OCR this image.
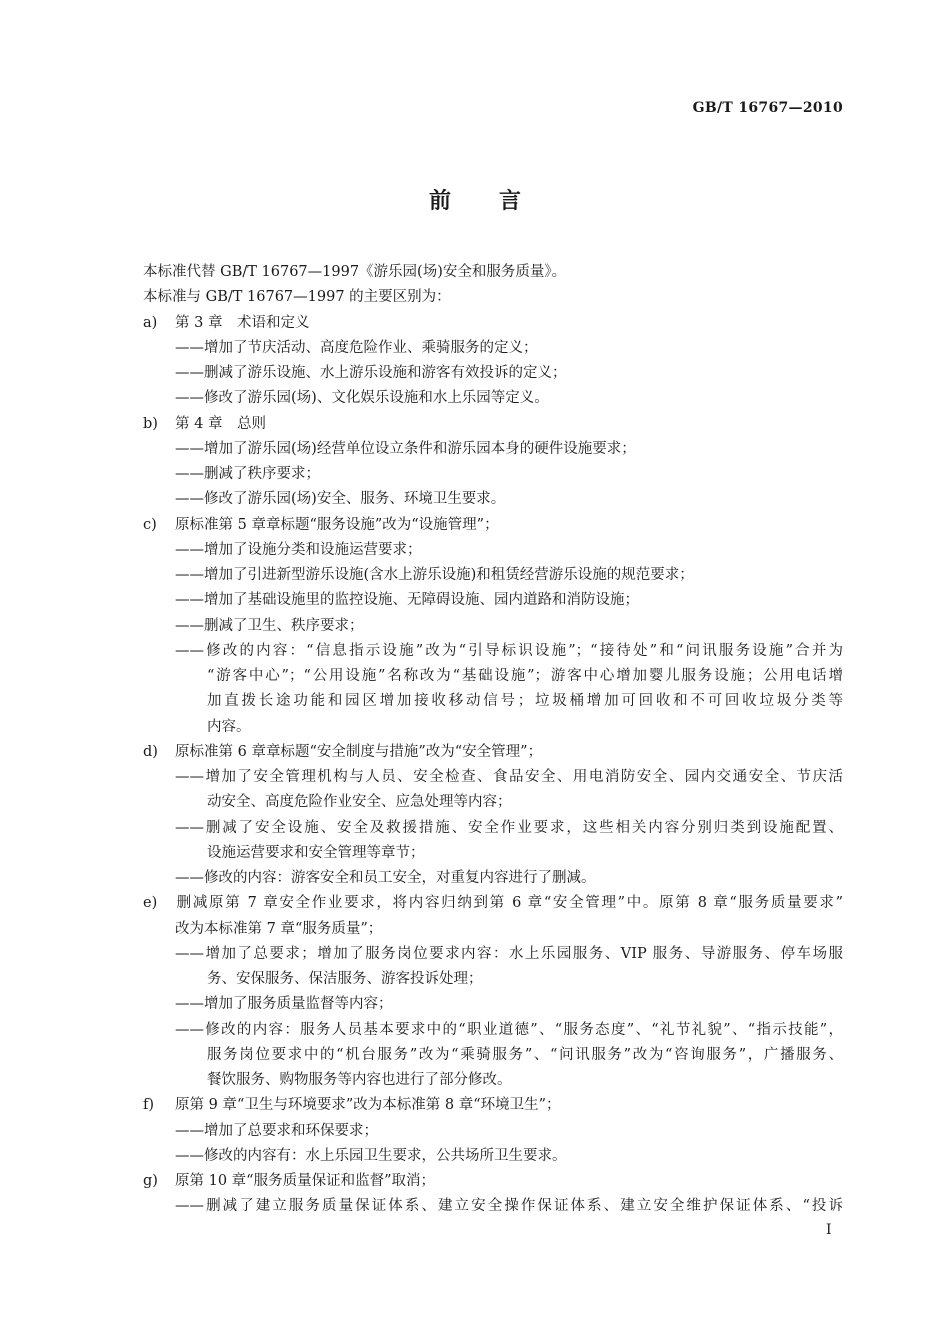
GB/T 16767—2010
前言
本标准代替 GB/T 16767—1997《游乐园(场)安全和服务质量》。
本标准与 GB/T 16767—1997 的主要区别为：
a) 第 3 章　术语和定义
——增加了节庆活动、高度危险作业、乘骑服务的定义；
——删减了游乐设施、水上游乐设施和游客有效投诉的定义；
——修改了游乐园(场)、文化娱乐设施和水上乐园等定义。
b) 第 4 章　总则
——增加了游乐园(场)经营单位设立条件和游乐园本身的硬件设施要求；
——删减了秩序要求；
——修改了游乐园(场)安全、服务、环境卫生要求。
c) 原标准第 5 章章标题“服务设施”改为“设施管理”；
——增加了设施分类和设施运营要求；
——增加了引进新型游乐设施(含水上游乐设施)和租赁经营游乐设施的规范要求；
——增加了基础设施里的监控设施、无障碍设施、园内道路和消防设施；
——删减了卫生、秩序要求；
——修改的内容：“信息指示设施”改为“引导标识设施”；“接待处”和“问讯服务设施”合并为
“游客中心”；“公用设施”名称改为“基础设施”；游客中心增加婴儿服务设施；公用电话增
加直拨长途功能和园区增加接收移动信号；垃圾桶增加可回收和不可回收垃圾分类等
内容。
d) 原标准第 6 章章标题“安全制度与措施”改为“安全管理”；
——增加了安全管理机构与人员、安全检查、食品安全、用电消防安全、园内交通安全、节庆活
动安全、高度危险作业安全、应急处理等内容；
——删减了安全设施、安全及救援措施、安全作业要求，这些相关内容分别归类到设施配置、
设施运营要求和安全管理等章节；
——修改的内容：游客安全和员工安全，对重复内容进行了删减。
e) 删减原第 7 章安全作业要求，将内容归纳到第 6 章“安全管理”中。原第 8 章“服务质量要求”
改为本标准第 7 章“服务质量”；
——增加了总要求；增加了服务岗位要求内容：水上乐园服务、VIP 服务、导游服务、停车场服
务、安保服务、保洁服务、游客投诉处理；
——增加了服务质量监督等内容；
——修改的内容：服务人员基本要求中的“职业道德”、“服务态度”、“礼节礼貌”、“指示技能”，
服务岗位要求中的“机台服务”改为“乘骑服务”、“问讯服务”改为“咨询服务”，广播服务、
餐饮服务、购物服务等内容也进行了部分修改。
f) 原第 9 章“卫生与环境要求”改为本标准第 8 章“环境卫生”；
——增加了总要求和环保要求；
——修改的内容有：水上乐园卫生要求，公共场所卫生要求。
g) 原第 10 章“服务质量保证和监督”取消；
——删减了建立服务质量保证体系、建立安全操作保证体系、建立安全维护保证体系、“投诉
I
